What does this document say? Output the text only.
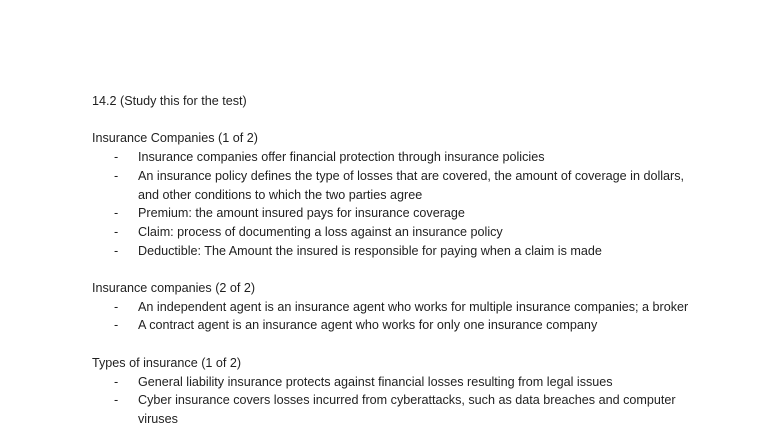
14.2 (Study this for the test)
Insurance Companies (1 of 2)
- Insurance companies offer financial protection through insurance policies
- An insurance policy defines the type of losses that are covered, the amount of coverage in dollars, and other conditions to which the two parties agree
- Premium: the amount insured pays for insurance coverage
- Claim: process of documenting a loss against an insurance policy
- Deductible: The Amount the insured is responsible for paying when a claim is made
Insurance companies (2 of 2)
- An independent agent is an insurance agent who works for multiple insurance companies; a broker
- A contract agent is an insurance agent who works for only one insurance company
Types of insurance (1 of 2)
- General liability insurance protects against financial losses resulting from legal issues
- Cyber insurance covers losses incurred from cyberattacks, such as data breaches and computer viruses
